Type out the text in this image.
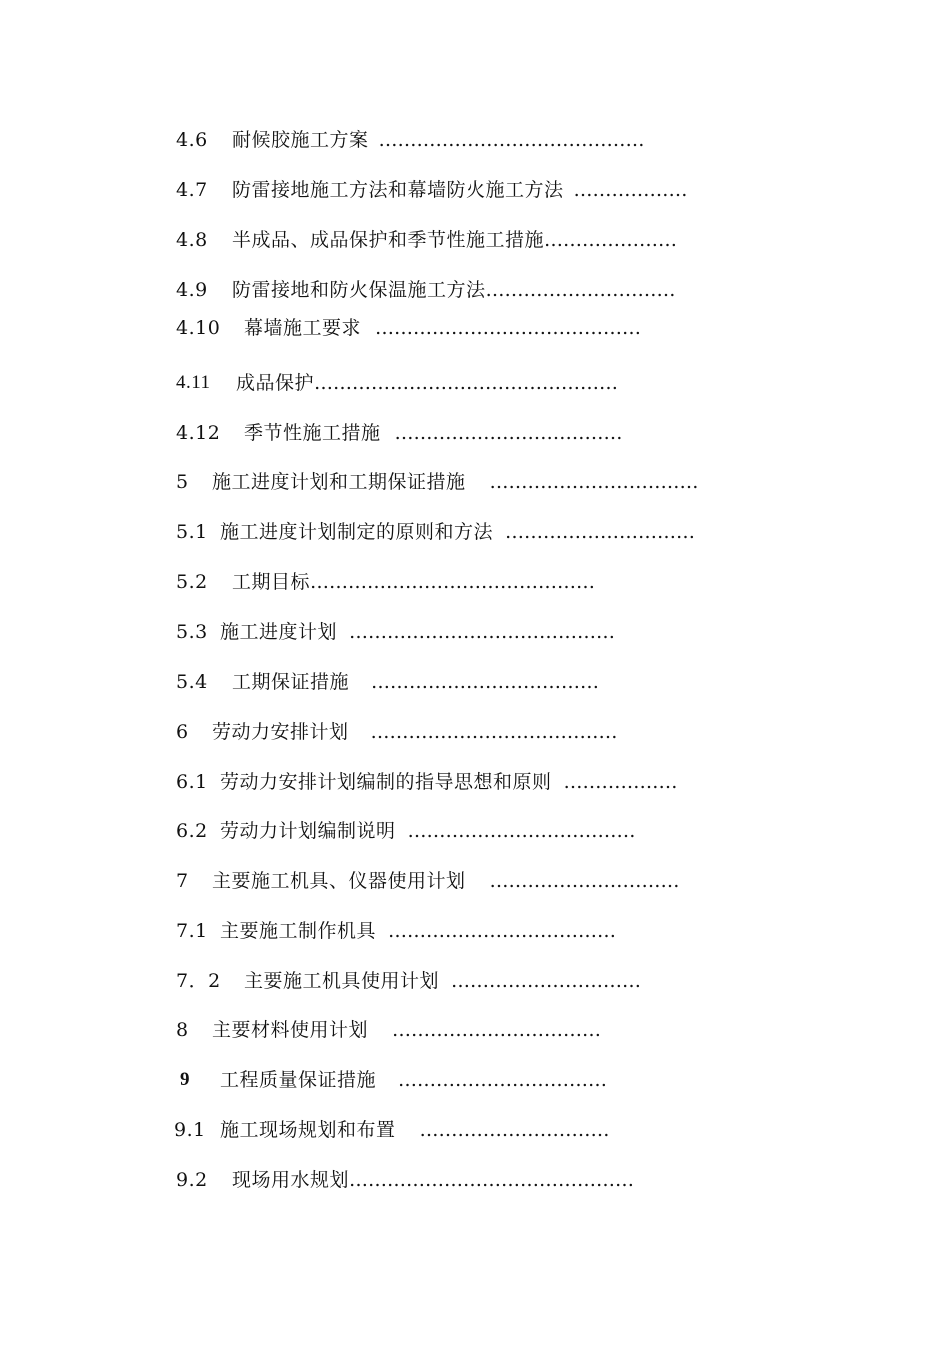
4.6	耐候胶施工方案 ……………………………………
4.7	防雷接地施工方法和幕墙防火施工方法 ………………
4.8	半成品、成品保护和季节性施工措施 …………………
4.9	防雷接地和防火保温施工方法 …………………………
4.10	幕墙施工要求 ……………………………………
4.11	成品保护 …………………………………………
4.12	季节性施工措施 ………………………………
5	施工进度计划和工期保证措施 ……………………………
5.1 施工进度计划制定的原则和方法 …………………………
5.2	工期目标 ………………………………………
5.3 施工进度计划 ……………………………………
5.4	工期保证措施 ………………………………
6	劳动力安排计划 …………………………………
6.1 劳动力安排计划编制的指导思想和原则 ………………
6.2 劳动力计划编制说明 ………………………………
7	主要施工机具、仪器使用计划 …………………………
7.1 主要施工制作机具 ………………………………
7．2	主要施工机具使用计划 …………………………
8	主要材料使用计划 ……………………………
9	工程质量保证措施 ……………………………
9.1 施工现场规划和布置 …………………………
9.2	现场用水规划 ………………………………………
